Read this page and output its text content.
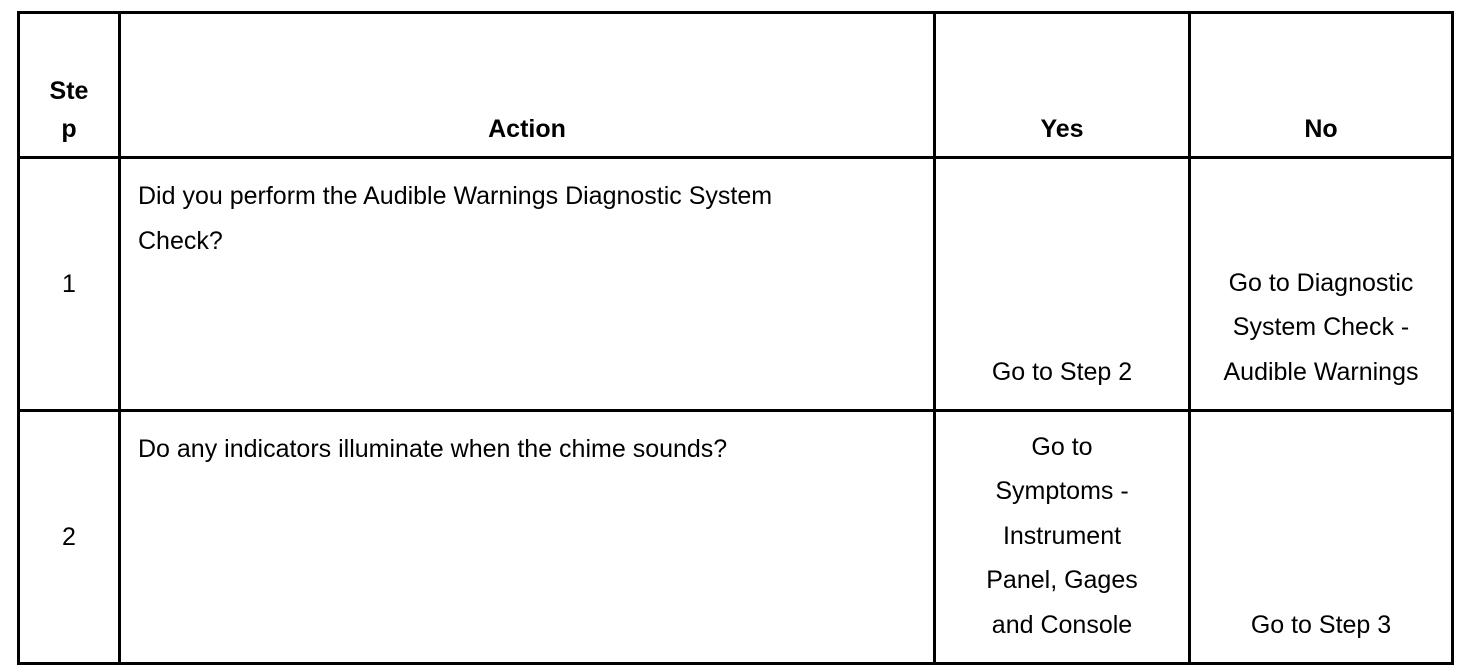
Step	Action	Yes	No
1	Did you perform the Audible Warnings Diagnostic System Check?	Go to Step 2	Go to Diagnostic System Check - Audible Warnings
2	Do any indicators illuminate when the chime sounds?	Go to Symptoms - Instrument Panel, Gages and Console	Go to Step 3
